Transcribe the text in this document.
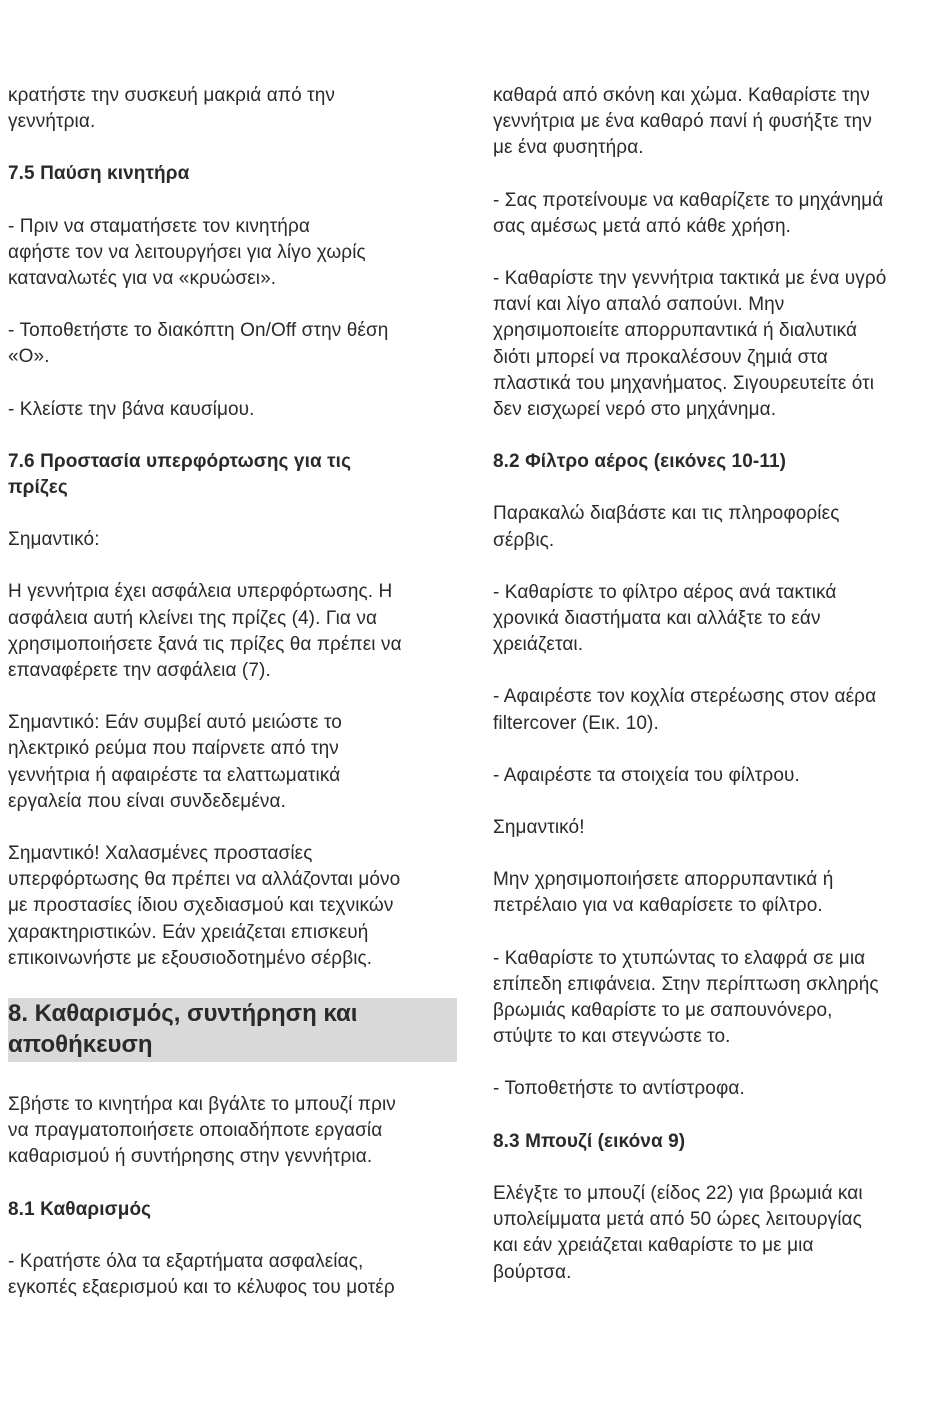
κρατήστε την συσκευή μακριά από την
γεννήτρια.

7.5 Παύση κινητήρα

- Πριν να σταματήσετε τον κινητήρα
αφήστε τον να λειτουργήσει για λίγο χωρίς
καταναλωτές για να «κρυώσει».

- Τοποθετήστε το διακόπτη On/Off στην θέση
«O».

- Κλείστε την βάνα καυσίμου.

7.6 Προστασία υπερφόρτωσης για τις
πρίζες

Σημαντικό:

Η γεννήτρια έχει ασφάλεια υπερφόρτωσης. Η
ασφάλεια αυτή κλείνει της πρίζες (4). Για να
χρησιμοποιήσετε ξανά τις πρίζες θα πρέπει να
επαναφέρετε την ασφάλεια (7).

Σημαντικό: Εάν συμβεί αυτό μειώστε το
ηλεκτρικό ρεύμα που παίρνετε από την
γεννήτρια ή αφαιρέστε τα ελαττωματικά
εργαλεία που είναι συνδεδεμένα.

Σημαντικό! Χαλασμένες προστασίες
υπερφόρτωσης θα πρέπει να αλλάζονται μόνο
με προστασίες ίδιου σχεδιασμού και τεχνικών
χαρακτηριστικών. Εάν χρειάζεται επισκευή
επικοινωνήστε με εξουσιοδοτημένο σέρβις.

8. Καθαρισμός, συντήρηση και
αποθήκευση

Σβήστε το κινητήρα και βγάλτε το μπουζί πριν
να πραγματοποιήσετε οποιαδήποτε εργασία
καθαρισμού ή συντήρησης στην γεννήτρια.

8.1 Καθαρισμός

- Κρατήστε όλα τα εξαρτήματα ασφαλείας,
εγκοπές εξαερισμού και το κέλυφος του μοτέρ

καθαρά από σκόνη και χώμα. Καθαρίστε την
γεννήτρια με ένα καθαρό πανί ή φυσήξτε την
με ένα φυσητήρα.

- Σας προτείνουμε να καθαρίζετε το μηχάνημά
σας αμέσως μετά από κάθε χρήση.

- Καθαρίστε την γεννήτρια τακτικά με ένα υγρό
πανί και λίγο απαλό σαπούνι. Μην
χρησιμοποιείτε απορρυπαντικά ή διαλυτικά
διότι μπορεί να προκαλέσουν ζημιά στα
πλαστικά του μηχανήματος. Σιγουρευτείτε ότι
δεν εισχωρεί νερό στο μηχάνημα.

8.2 Φίλτρο αέρος (εικόνες 10-11)

Παρακαλώ διαβάστε και τις πληροφορίες
σέρβις.

- Καθαρίστε το φίλτρο αέρος ανά τακτικά
χρονικά διαστήματα και αλλάξτε το εάν
χρειάζεται.

- Αφαιρέστε τον κοχλία στερέωσης στον αέρα
filtercover (Εικ. 10).

- Αφαιρέστε τα στοιχεία του φίλτρου.

Σημαντικό!

Μην χρησιμοποιήσετε απορρυπαντικά ή
πετρέλαιο για να καθαρίσετε το φίλτρο.

- Καθαρίστε το χτυπώντας το ελαφρά σε μια
επίπεδη επιφάνεια. Στην περίπτωση σκληρής
βρωμιάς καθαρίστε το με σαπουνόνερο,
στύψτε το και στεγνώστε το.

- Τοποθετήστε το αντίστροφα.

8.3 Μπουζί (εικόνα 9)

Ελέγξτε το μπουζί (είδος 22) για βρωμιά και
υπολείμματα μετά από 50 ώρες λειτουργίας
και εάν χρειάζεται καθαρίστε το με μια
βούρτσα.
